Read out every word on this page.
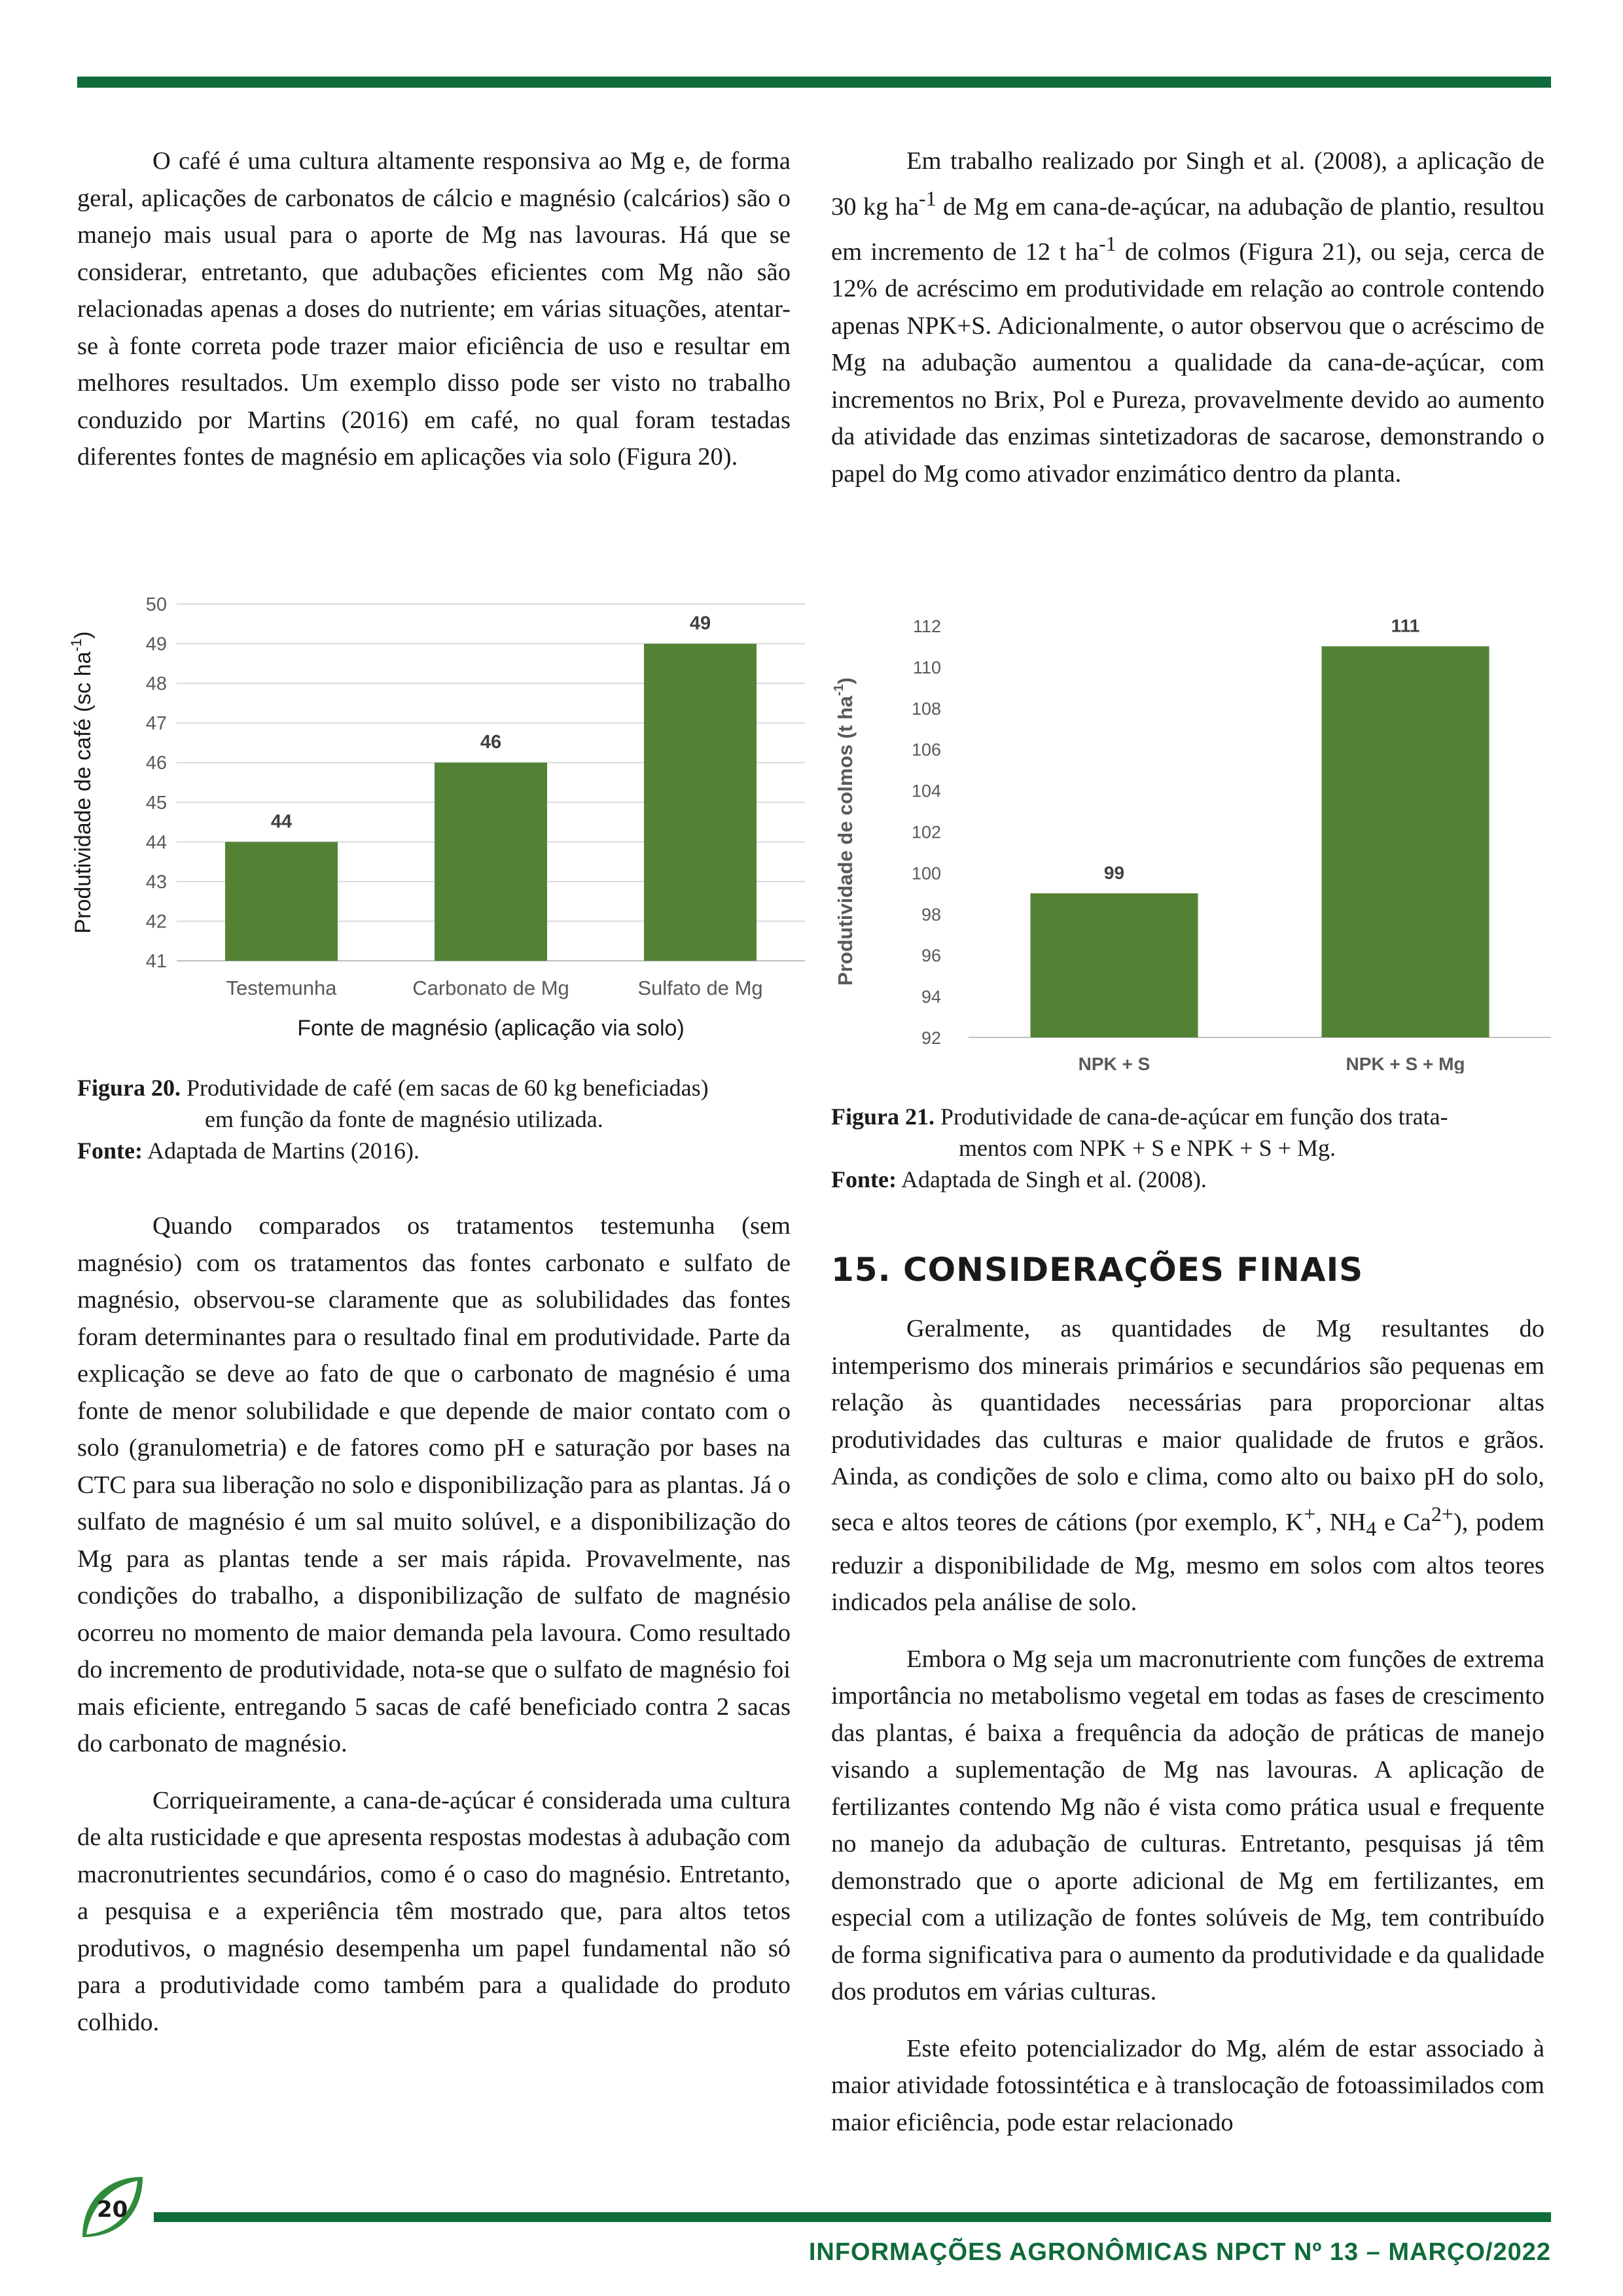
O café é uma cultura altamente responsiva ao Mg e, de forma geral, aplicações de carbonatos de cálcio e magnésio (calcários) são o manejo mais usual para o aporte de Mg nas lavouras. Há que se considerar, entretanto, que adubações eficientes com Mg não são relacionadas apenas a doses do nutriente; em várias situações, atentar-se à fonte correta pode trazer maior eficiência de uso e resultar em melhores resultados. Um exemplo disso pode ser visto no trabalho conduzido por Martins (2016) em café, no qual foram testadas diferentes fontes de magnésio em aplicações via solo (Figura 20).

Em trabalho realizado por Singh et al. (2008), a aplicação de 30 kg $ha^{-1}$ de Mg em cana-de-açúcar, na adubação de plantio, resultou em incremento de 12 t $ha^{-1}$ de colmos (Figura 21), ou seja, cerca de 12% de acréscimo em produtividade em relação ao controle contendo apenas NPK+S. Adicionalmente, o autor observou que o acréscimo de Mg na adubação aumentou a qualidade da cana-de-açúcar, com incrementos no Brix, Pol e Pureza, provavelmente devido ao aumento da atividade das enzimas sintetizadoras de sacarose, demonstrando o papel do Mg como ativador enzimático dentro da planta.

41
42
43
44
45
46
47
48
49
50
44
Testemunha
46
Carbonato de Mg
49
Sulfato de Mg
Fonte de magnésio (aplicação via solo)
Produtividade de café (sc $ha^{-1}$)
92
94
96
98
100
102
104
106
108
110
112
99
NPK + S
111
NPK + S + Mg
Produtividade de colmos (t $ha^{-1}$)
Figura 20. Produtividade de café (em sacas de 60 kg beneficiadas)
em função da fonte de magnésio utilizada.
Fonte: Adaptada de Martins (2016).
Figura 21. Produtividade de cana-de-açúcar em função dos trata-
mentos com NPK + S e NPK + S + Mg.
Fonte: Adaptada de Singh et al. (2008).

Quando comparados os tratamentos testemunha (sem magnésio) com os tratamentos das fontes carbonato e sulfato de magnésio, observou-se claramente que as solubilidades das fontes foram determinantes para o resultado final em produtividade. Parte da explicação se deve ao fato de que o carbonato de magnésio é uma fonte de menor solubilidade e que depende de maior contato com o solo (granulometria) e de fatores como pH e saturação por bases na CTC para sua liberação no solo e disponibilização para as plantas. Já o sulfato de magnésio é um sal muito solúvel, e a disponibilização do Mg para as plantas tende a ser mais rápida. Provavelmente, nas condições do trabalho, a disponibilização de sulfato de magnésio ocorreu no momento de maior demanda pela lavoura. Como resultado do incremento de produtividade, nota-se que o sulfato de magnésio foi mais eficiente, entregando 5 sacas de café beneficiado contra 2 sacas do carbonato de magnésio.

Corriqueiramente, a cana-de-açúcar é considerada uma cultura de alta rusticidade e que apresenta respostas modestas à adubação com macronutrientes secundários, como é o caso do magnésio. Entretanto, a pesquisa e a experiência têm mostrado que, para altos tetos produtivos, o magnésio desempenha um papel fundamental não só para a produtividade como também para a qualidade do produto colhido.

15. CONSIDERAÇÕES FINAIS

Geralmente, as quantidades de Mg resultantes do intemperismo dos minerais primários e secundários são pequenas em relação às quantidades necessárias para proporcionar altas produtividades das culturas e maior qualidade de frutos e grãos. Ainda, as condições de solo e clima, como alto ou baixo pH do solo, seca e altos teores de cátions (por exemplo, K+, $NH_4$ e $Ca^{2+}$), podem reduzir a disponibilidade de Mg, mesmo em solos com altos teores indicados pela análise de solo.

Embora o Mg seja um macronutriente com funções de extrema importância no metabolismo vegetal em todas as fases de crescimento das plantas, é baixa a frequência da adoção de práticas de manejo visando a suplementação de Mg nas lavouras. A aplicação de fertilizantes contendo Mg não é vista como prática usual e frequente no manejo da adubação de culturas. Entretanto, pesquisas já têm demonstrado que o aporte adicional de Mg em fertilizantes, em especial com a utilização de fontes solúveis de Mg, tem contribuído de forma significativa para o aumento da produtividade e da qualidade dos produtos em várias culturas.

Este efeito potencializador do Mg, além de estar associado à maior atividade fotossintética e à translocação de fotoassimilados com maior eficiência, pode estar relacionado

20
INFORMAÇÕES AGRONÔMICAS NPCT Nº 13 – MARÇO/2022
